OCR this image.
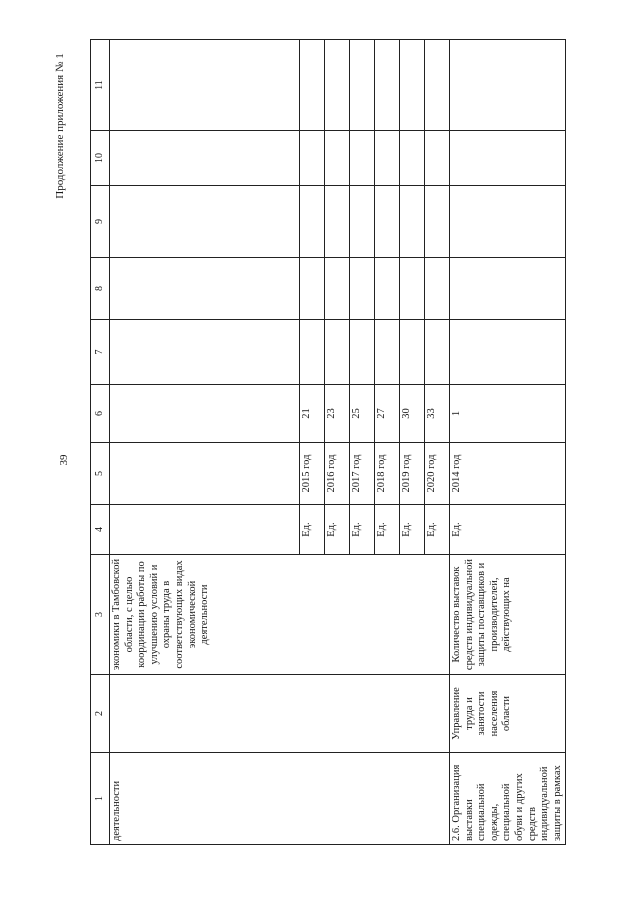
39
Продолжение приложения № 1
1	2	3	4	5	6	7	8	9	10	11
деятельности		экономики в Тамбовской области, с целью координации работы по улучшению условий и охраны труда в соответствующих видах экономической деятельности								
			Ед.	2015 год	21					
			Ед.	2016 год	23					
			Ед.	2017 год	25					
			Ед.	2018 год	27					
			Ед.	2019 год	30					
			Ед.	2020 год	33					
2.6. Организация выставки специальной одежды, специальной обуви и других средств индивидуальной защиты в рамках	Управление труда и занятости населения области	Количество выставок средств индивидуальной защиты поставщиков и производителей, действующих на	Ед.	2014 год	1					
